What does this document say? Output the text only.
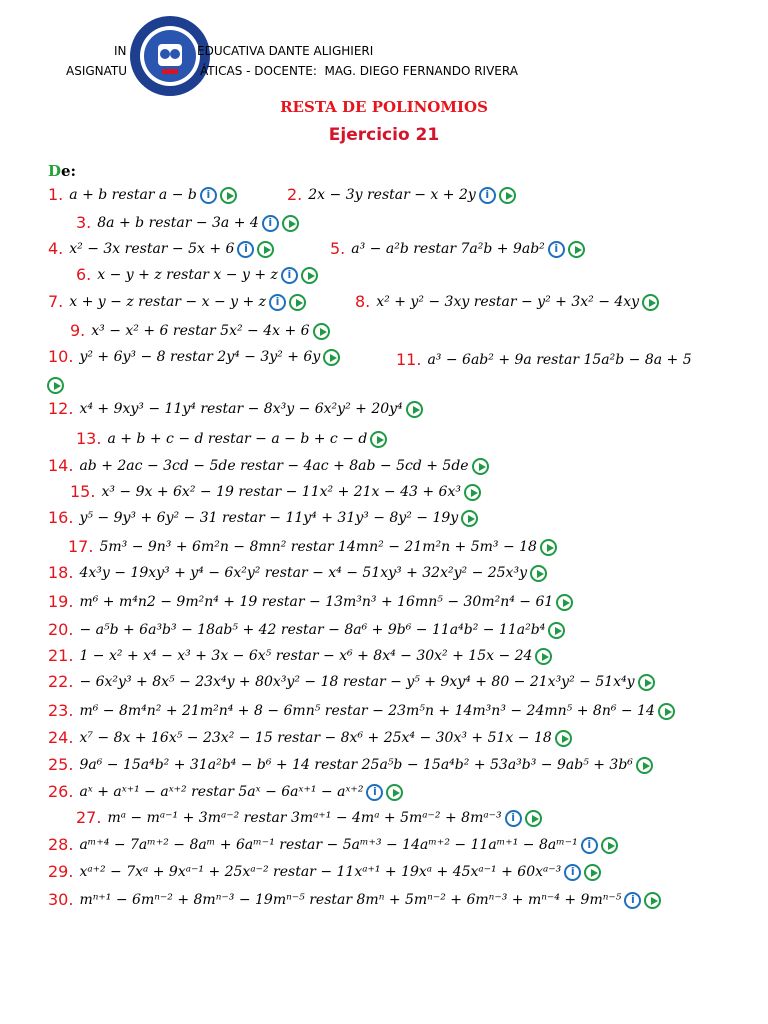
IN

	EDUCATIVA DANTE ALIGHIERI

ASIGNATU

	ÁTICAS - DOCENTE:  MAG. DIEGO FERNANDO RIVERA

RESTA DE POLINOMIOS
Ejercicio 21
De:
1. a + b restar a − b i	2. 2x − 3y restar − x + 2y
i
3. 8a + b restar − 3a + 4
i
4. x² − 3x restar − 5x + 6 i	5. a³ − a²b restar 7a²b + 9ab²
i
6. x − y + z restar x − y + z
i
7. x + y − z restar − x − y + z i	8. x² + y² − 3xy restar − y² + 3x² − 4xy
9. x³ − x² + 6 restar 5x² − 4x + 6
10. y² + 6y³ − 8 restar 2y⁴ − 3y² + 6y	11. a³ − 6ab² + 9a restar 15a²b − 8a + 5
12. x⁴ + 9xy³ − 11y⁴ restar − 8x³y − 6x²y² + 20y⁴
13. a + b + c − d restar − a − b + c − d
14. ab + 2ac − 3cd − 5de restar − 4ac + 8ab − 5cd + 5de
15. x³ − 9x + 6x² − 19 restar − 11x² + 21x − 43 + 6x³
16. y⁵ − 9y³ + 6y² − 31 restar − 11y⁴ + 31y³ − 8y² − 19y
17. 5m³ − 9n³ + 6m²n − 8mn² restar 14mn² − 21m²n + 5m³ − 18
18. 4x³y − 19xy³ + y⁴ − 6x²y² restar − x⁴ − 51xy³ + 32x²y² − 25x³y
19. m⁶ + m⁴n2 − 9m²n⁴ + 19 restar − 13m³n³ + 16mn⁵ − 30m²n⁴ − 61
20. − a⁵b + 6a³b³ − 18ab⁵ + 42 restar − 8a⁶ + 9b⁶ − 11a⁴b² − 11a²b⁴
21. 1 − x² + x⁴ − x³ + 3x − 6x⁵ restar − x⁶ + 8x⁴ − 30x² + 15x − 24
22. − 6x²y³ + 8x⁵ − 23x⁴y + 80x³y² − 18 restar − y⁵ + 9xy⁴ + 80 − 21x³y² − 51x⁴y
23. m⁶ − 8m⁴n² + 21m²n⁴ + 8 − 6mn⁵ restar − 23m⁵n + 14m³n³ − 24mn⁵ + 8n⁶ − 14
24. x⁷ − 8x + 16x⁵ − 23x² − 15 restar − 8x⁶ + 25x⁴ − 30x³ + 51x − 18
25. 9a⁶ − 15a⁴b² + 31a²b⁴ − b⁶ + 14 restar 25a⁵b − 15a⁴b² + 53a³b³ − 9ab⁵ + 3b⁶
26. aˣ + aˣ⁺¹ − aˣ⁺² restar 5aˣ − 6aˣ⁺¹ − aˣ⁺²
i
27. mᵃ − mᵃ⁻¹ + 3mᵃ⁻² restar 3mᵃ⁺¹ − 4mᵃ + 5mᵃ⁻² + 8mᵃ⁻³
i
28. aᵐ⁺⁴ − 7aᵐ⁺² − 8aᵐ + 6aᵐ⁻¹ restar − 5aᵐ⁺³ − 14aᵐ⁺² − 11aᵐ⁺¹ − 8aᵐ⁻¹
i
29. xᵃ⁺² − 7xᵃ + 9xᵃ⁻¹ + 25xᵃ⁻² restar − 11xᵃ⁺¹ + 19xᵃ + 45xᵃ⁻¹ + 60xᵃ⁻³
i
30. mⁿ⁺¹ − 6mⁿ⁻² + 8mⁿ⁻³ − 19mⁿ⁻⁵ restar 8mⁿ + 5mⁿ⁻² + 6mⁿ⁻³ + mⁿ⁻⁴ + 9mⁿ⁻⁵
i
